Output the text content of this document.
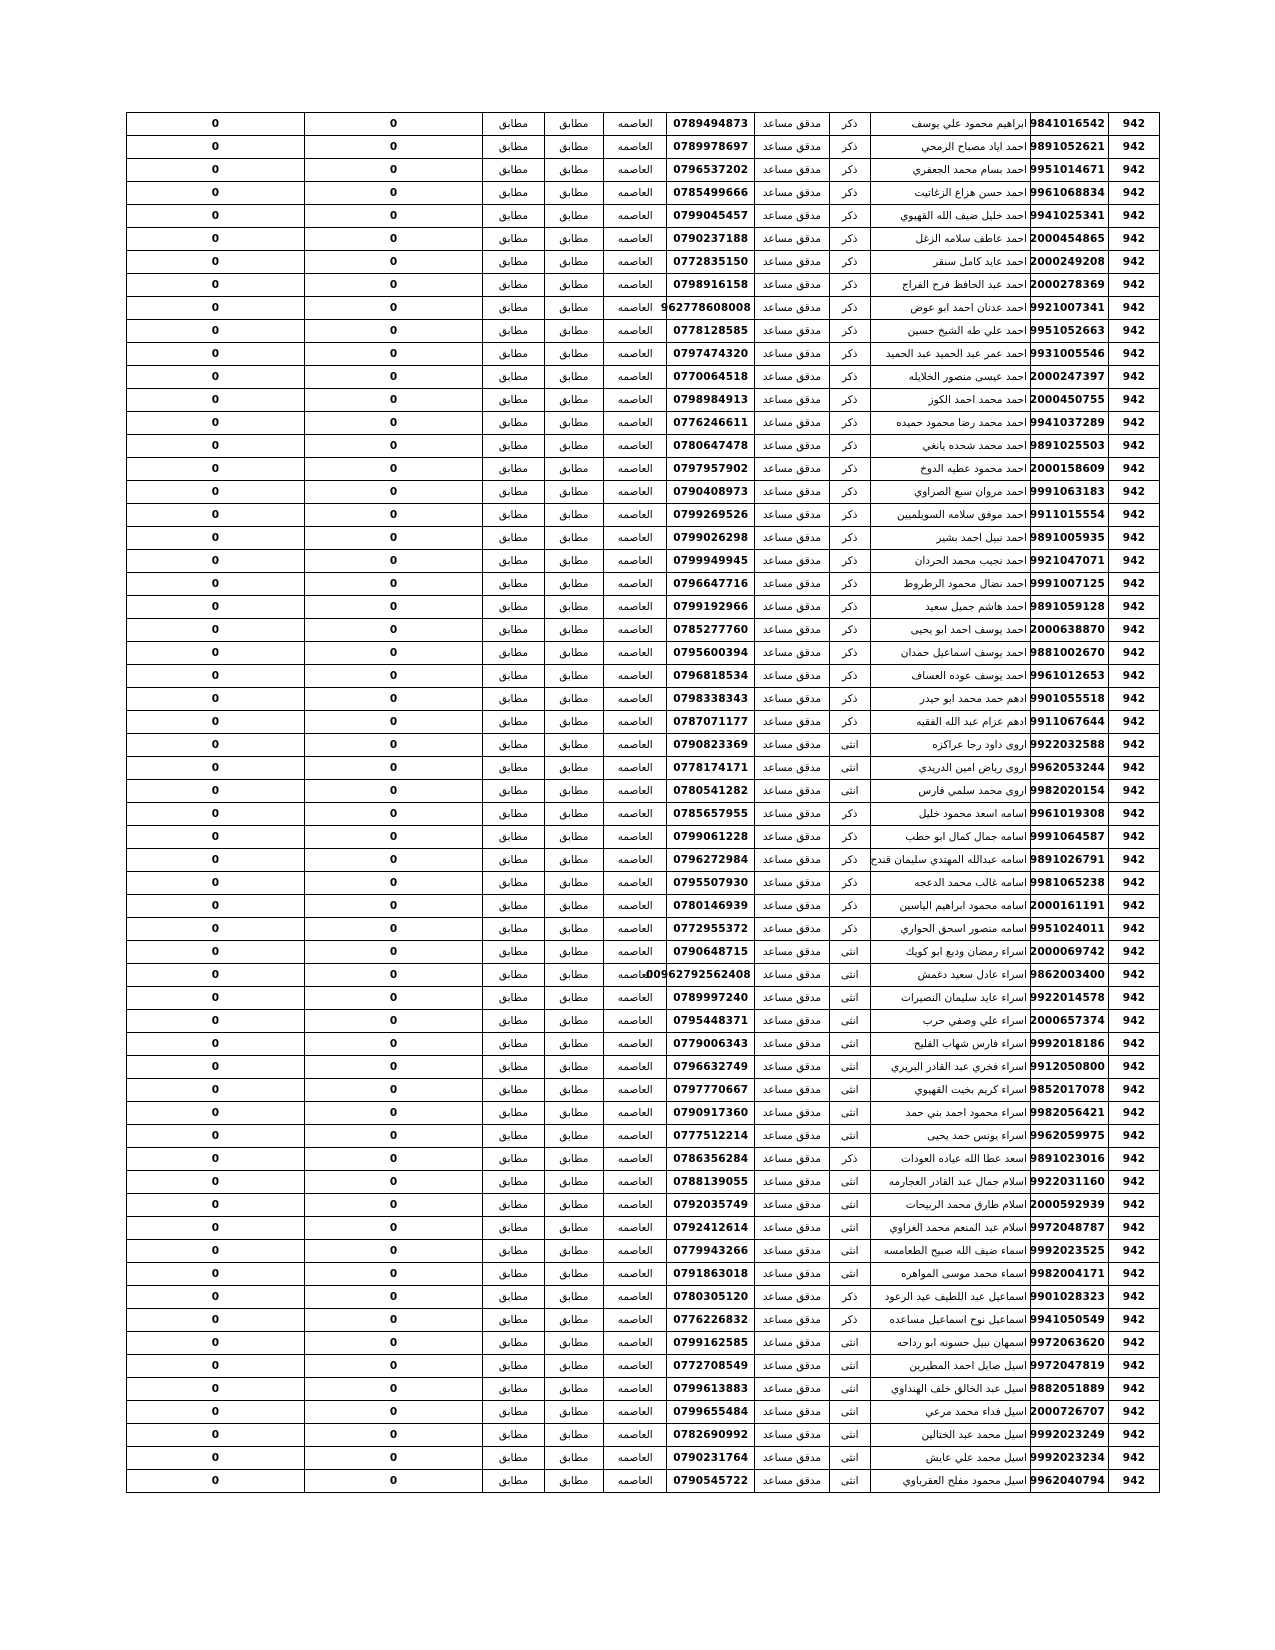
942	9841016542	ابراهيم محمود علي يوسف	ذكر	مدقق مساعد	0789494873	العاصمه	مطابق	مطابق	0	0
942	9891052621	احمد اياد مصباح الرمحي	ذكر	مدقق مساعد	0789978697	العاصمه	مطابق	مطابق	0	0
942	9951014671	احمد بسام محمد الجعفري	ذكر	مدقق مساعد	0796537202	العاصمه	مطابق	مطابق	0	0
942	9961068834	احمد حسن هزاع الزغاتيت	ذكر	مدقق مساعد	0785499666	العاصمه	مطابق	مطابق	0	0
942	9941025341	احمد خليل ضيف الله القهيوي	ذكر	مدقق مساعد	0799045457	العاصمه	مطابق	مطابق	0	0
942	2000454865	احمد عاطف سلامه الزغل	ذكر	مدقق مساعد	0790237188	العاصمه	مطابق	مطابق	0	0
942	2000249208	احمد عايد كامل سنقر	ذكر	مدقق مساعد	0772835150	العاصمه	مطابق	مطابق	0	0
942	2000278369	احمد عبد الحافظ فرح الفراج	ذكر	مدقق مساعد	0798916158	العاصمه	مطابق	مطابق	0	0
942	9921007341	احمد عدنان احمد ابو عوض	ذكر	مدقق مساعد	962778608008	العاصمه	مطابق	مطابق	0	0
942	9951052663	احمد علي طه الشيخ حسين	ذكر	مدقق مساعد	0778128585	العاصمه	مطابق	مطابق	0	0
942	9931005546	احمد عمر عبد الحميد عبد الحميد	ذكر	مدقق مساعد	0797474320	العاصمه	مطابق	مطابق	0	0
942	2000247397	احمد عيسى منصور الخلايله	ذكر	مدقق مساعد	0770064518	العاصمه	مطابق	مطابق	0	0
942	2000450755	احمد محمد احمد الكوز	ذكر	مدقق مساعد	0798984913	العاصمه	مطابق	مطابق	0	0
942	9941037289	احمد محمد رضا محمود حميده	ذكر	مدقق مساعد	0776246611	العاصمه	مطابق	مطابق	0	0
942	9891025503	احمد محمد شحده يانغي	ذكر	مدقق مساعد	0780647478	العاصمه	مطابق	مطابق	0	0
942	2000158609	احمد محمود عطيه الدوخ	ذكر	مدقق مساعد	0797957902	العاصمه	مطابق	مطابق	0	0
942	9991063183	احمد مروان سبع الصراوي	ذكر	مدقق مساعد	0790408973	العاصمه	مطابق	مطابق	0	0
942	9911015554	احمد موفق سلامه السويلميين	ذكر	مدقق مساعد	0799269526	العاصمه	مطابق	مطابق	0	0
942	9891005935	احمد نبيل احمد بشير	ذكر	مدقق مساعد	0799026298	العاصمه	مطابق	مطابق	0	0
942	9921047071	احمد نجيب محمد الحردان	ذكر	مدقق مساعد	0799949945	العاصمه	مطابق	مطابق	0	0
942	9991007125	احمد نضال محمود الرطروط	ذكر	مدقق مساعد	0796647716	العاصمه	مطابق	مطابق	0	0
942	9891059128	احمد هاشم جميل سعيد	ذكر	مدقق مساعد	0799192966	العاصمه	مطابق	مطابق	0	0
942	2000638870	احمد يوسف احمد ابو يحيى	ذكر	مدقق مساعد	0785277760	العاصمه	مطابق	مطابق	0	0
942	9881002670	احمد يوسف اسماعيل حمدان	ذكر	مدقق مساعد	0795600394	العاصمه	مطابق	مطابق	0	0
942	9961012653	احمد يوسف عوده العساف	ذكر	مدقق مساعد	0796818534	العاصمه	مطابق	مطابق	0	0
942	9901055518	ادهم حمد محمد ابو حيدر	ذكر	مدقق مساعد	0798338343	العاصمه	مطابق	مطابق	0	0
942	9911067644	ادهم عزام عبد الله الفقيه	ذكر	مدقق مساعد	0787071177	العاصمه	مطابق	مطابق	0	0
942	9922032588	اروى داود رجا عراكزه	انثى	مدقق مساعد	0790823369	العاصمه	مطابق	مطابق	0	0
942	9962053244	اروى رياض امين الدريدي	انثى	مدقق مساعد	0778174171	العاصمه	مطابق	مطابق	0	0
942	9982020154	اروى محمد سلمي فارس	انثى	مدقق مساعد	0780541282	العاصمه	مطابق	مطابق	0	0
942	9961019308	اسامه اسعد محمود خليل	ذكر	مدقق مساعد	0785657955	العاصمه	مطابق	مطابق	0	0
942	9991064587	اسامه جمال كمال ابو حطب	ذكر	مدقق مساعد	0799061228	العاصمه	مطابق	مطابق	0	0
942	9891026791	اسامه عبدالله المهتدي سليمان قندح	ذكر	مدقق مساعد	0796272984	العاصمه	مطابق	مطابق	0	0
942	9981065238	اسامه غالب محمد الدعجه	ذكر	مدقق مساعد	0795507930	العاصمه	مطابق	مطابق	0	0
942	2000161191	اسامه محمود ابراهيم الياسين	ذكر	مدقق مساعد	0780146939	العاصمه	مطابق	مطابق	0	0
942	9951024011	اسامه منصور اسحق الحواري	ذكر	مدقق مساعد	0772955372	العاصمه	مطابق	مطابق	0	0
942	2000069742	اسراء رمضان وديع ابو كويك	انثى	مدقق مساعد	0790648715	العاصمه	مطابق	مطابق	0	0
942	9862003400	اسراء عادل سعيد دغمش	انثى	مدقق مساعد	00962792562408	العاصمه	مطابق	مطابق	0	0
942	9922014578	اسراء عايد سليمان النصيرات	انثى	مدقق مساعد	0789997240	العاصمه	مطابق	مطابق	0	0
942	2000657374	اسراء علي وصفي حرب	انثى	مدقق مساعد	0795448371	العاصمه	مطابق	مطابق	0	0
942	9992018186	اسراء فارس شهاب القليح	انثى	مدقق مساعد	0779006343	العاصمه	مطابق	مطابق	0	0
942	9912050800	اسراء فخري عبد القادر البريري	انثى	مدقق مساعد	0796632749	العاصمه	مطابق	مطابق	0	0
942	9852017078	اسراء كريم بخيت القهيوي	انثى	مدقق مساعد	0797770667	العاصمه	مطابق	مطابق	0	0
942	9982056421	اسراء محمود احمد بني حمد	انثى	مدقق مساعد	0790917360	العاصمه	مطابق	مطابق	0	0
942	9962059975	اسراء يونس حمد يحيى	انثى	مدقق مساعد	0777512214	العاصمه	مطابق	مطابق	0	0
942	9891023016	اسعد عطا الله عياده العودات	ذكر	مدقق مساعد	0786356284	العاصمه	مطابق	مطابق	0	0
942	9922031160	اسلام جمال عبد القادر العجارمه	انثى	مدقق مساعد	0788139055	العاصمه	مطابق	مطابق	0	0
942	2000592939	اسلام طارق محمد الربيحات	انثى	مدقق مساعد	0792035749	العاصمه	مطابق	مطابق	0	0
942	9972048787	اسلام عبد المنعم محمد الغزاوي	انثى	مدقق مساعد	0792412614	العاصمه	مطابق	مطابق	0	0
942	9992023525	اسماء ضيف الله صبيح الطعامسه	انثى	مدقق مساعد	0779943266	العاصمه	مطابق	مطابق	0	0
942	9982004171	اسماء محمد موسى المواهره	انثى	مدقق مساعد	0791863018	العاصمه	مطابق	مطابق	0	0
942	9901028323	اسماعيل عبد اللطيف عيد الرعود	ذكر	مدقق مساعد	0780305120	العاصمه	مطابق	مطابق	0	0
942	9941050549	اسماعيل نوح اسماعيل مساعده	ذكر	مدقق مساعد	0776226832	العاصمه	مطابق	مطابق	0	0
942	9972063620	اسمهان نبيل حسونه ابو رداحه	انثى	مدقق مساعد	0799162585	العاصمه	مطابق	مطابق	0	0
942	9972047819	اسيل صايل احمد المطيرين	انثى	مدقق مساعد	0772708549	العاصمه	مطابق	مطابق	0	0
942	9882051889	اسيل عبد الخالق خلف الهنداوي	انثى	مدقق مساعد	0799613883	العاصمه	مطابق	مطابق	0	0
942	2000726707	اسيل فداء محمد مرعي	انثى	مدقق مساعد	0799655484	العاصمه	مطابق	مطابق	0	0
942	9992023249	اسيل محمد عبد الختالين	انثى	مدقق مساعد	0782690992	العاصمه	مطابق	مطابق	0	0
942	9992023234	اسيل محمد علي عايش	انثى	مدقق مساعد	0790231764	العاصمه	مطابق	مطابق	0	0
942	9962040794	اسيل محمود مفلح العقرباوي	انثى	مدقق مساعد	0790545722	العاصمه	مطابق	مطابق	0	0
